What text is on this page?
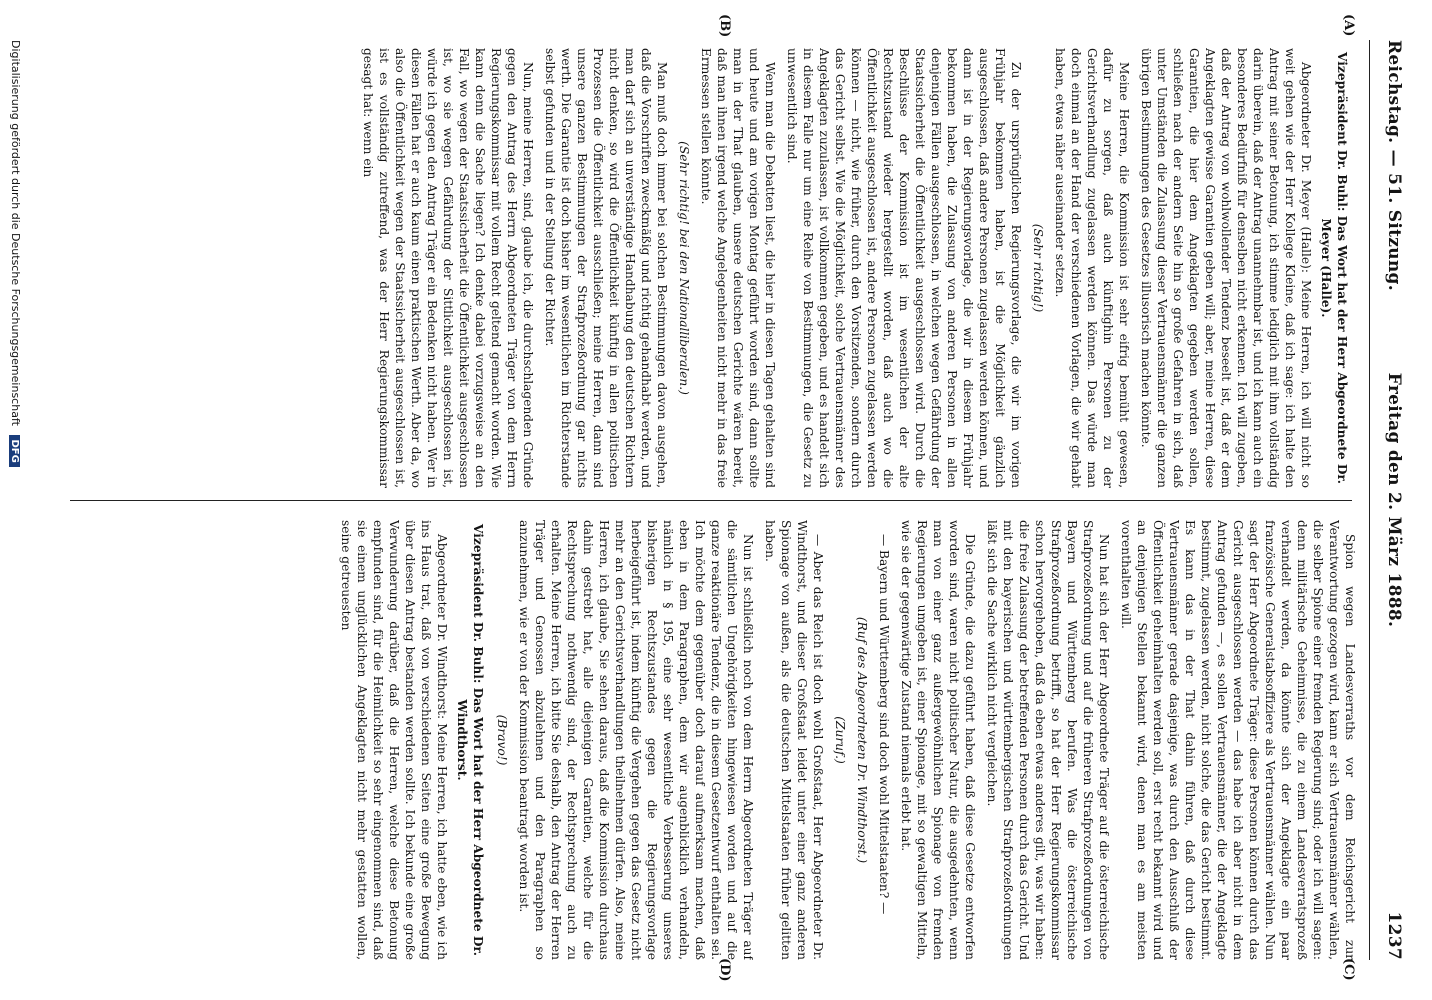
Reichstag. — 51. Sitzung.
Freitag den 2. März 1888.
1237
(A)
(B)
(C)
(D)

Vizepräsident Dr. Buhl: Das Wort hat der Herr Abgeordnete Dr. Meyer (Halle).

Abgeordneter Dr. Meyer (Halle): Meine Herren, ich will nicht so weit gehen wie der Herr Kollege Kleine, daß ich sage: ich halte den Antrag mit seiner Betonung, ich stimme lediglich mit ihm vollständig darin überein, daß der Antrag unannehmbar ist, und ich kann auch ein besonderes Bedürfniß für denselben nicht erkennen. Ich will zugeben, daß der Antrag von wohlwollender Tendenz beseelt ist, daß er dem Angeklagten gewisse Garantien geben will; aber, meine Herren, diese Garantien, die hier dem Angeklagten gegeben werden sollen, schließen nach der andern Seite hin so große Gefahren in sich, daß unter Umständen die Zulassung dieser Vertrauensmänner die ganzen übrigen Bestimmungen des Gesetzes illusorisch machen könnte.

Meine Herren, die Kommission ist sehr eifrig bemüht gewesen, dafür zu sorgen, daß auch künftighin Personen zu der Gerichtsverhandlung zugelassen werden können. Das würde man doch einmal an der Hand der verschiedenen Vorlagen, die wir gehabt haben, etwas näher auseinander setzen.

(Sehr richtig!)

Zu der ursprünglichen Regierungsvorlage, die wir im vorigen Frühjahr bekommen haben, ist die Möglichkeit gänzlich ausgeschlossen, daß andere Personen zugelassen werden können, und dann ist in der Regierungsvorlage, die wir in diesem Frühjahr bekommen haben, die Zulassung von anderen Personen in allen denjenigen Fällen ausgeschlossen, in welchen wegen Gefährdung der Staatssicherheit die Öffentlichkeit ausgeschlossen wird. Durch die Beschlüsse der Kommission ist im wesentlichen der alte Rechtszustand wieder hergestellt worden, daß auch wo die Öffentlichkeit ausgeschlossen ist, andere Personen zugelassen werden können — nicht, wie früher, durch den Vorsitzenden, sondern durch das Gericht selbst. Wie die Möglichkeit, solche Vertrauensmänner des Angeklagten zuzulassen, ist vollkommen gegeben, und es handelt sich in diesem Falle nur um eine Reihe von Bestimmungen, die Gesetz zu unwesentlich sind.

Wenn man die Debatten liest, die hier in diesen Tagen gehalten sind und heute und am vorigen Montag geführt worden sind, dann sollte man in der That glauben, unsere deutschen Gerichte wären bereit, daß man ihnen irgend welche Angelegenheiten nicht mehr in das freie Ermessen stellen könnte.

(Sehr richtig! bei den Nationalliberalen.)

Man muß doch immer bei solchen Bestimmungen davon ausgehen, daß die Vorschriften zweckmäßig und richtig gehandhabt werden, und man darf sich an unverständige Handhabung den deutschen Richtern nicht denken, so wird die Öffentlichkeit künftig in allen politischen Prozessen die Öffentlichkeit ausschließen; meine Herren, dann sind unsere ganzen Bestimmungen der Strafprozeßordnung gar nichts werth. Die Garantie ist doch bisher im wesentlichen im Richterstande selbst gefunden und in der Stellung der Richter.

Nun, meine Herren, sind, glaube ich, die durchschlagenden Gründe gegen den Antrag des Herrn Abgeordneten Träger von dem Herrn Regierungskommissar mit vollem Recht geltend gemacht worden. Wie kann denn die Sache liegen? Ich denke dabei vorzugsweise an den Fall, wo wegen der Staatssicherheit die Öffentlichkeit ausgeschlossen ist, wo sie wegen Gefährdung der Sittlichkeit ausgeschlossen ist, würde ich gegen den Antrag Träger ein Bedenken nicht haben. Wer in diesen Fällen hat er auch kaum einen praktischen Werth. Aber da, wo also die Öffentlichkeit wegen der Staatssicherheit ausgeschlossen ist, ist es vollständig zutreffend, was der Herr Regierungskommissar gesagt hat: wenn ein

Spion wegen Landesverraths vor dem Reichsgericht zur Verantwortung gezogen wird, kann er sich Vertrauensmänner wählen, die selber Spione einer fremden Regierung sind; oder ich will sagen: denn militärische Geheimnisse, die zu einem Landesverratsprozeß verhandelt werden, da könnte sich der Angeklagte ein paar französische Generalstabsoffiziere als Vertrauensmänner wählen. Nun sagt der Herr Abgeordnete Träger: diese Personen können durch das Gericht ausgeschlossen werden — das habe ich aber nicht in dem Antrag gefunden —, es sollen Vertrauensmänner, die der Angeklagte bestimmt, zugelassen werden, nicht solche, die das Gericht bestimmt. Es kann das in der That dahin führen, daß durch diese Vertrauensmänner gerade dasjenige, was durch den Ausschluß der Öffentlichkeit geheimhalten werden soll, erst recht bekannt wird und an denjenigen Stellen bekannt wird, denen man es am meisten vorenthalten will.

Nun hat sich der Herr Abgeordnete Träger auf die österreichische Strafprozeßordnung und auf die früheren Strafprozeßordnungen von Bayern und Württemberg berufen. Was die österreichische Strafprozeßordnung betrifft, so hat der Herr Regierungskommissar schon hervorgehoben, daß da eben etwas anderes gilt, was wir haben: die freie Zulassung der betreffenden Personen durch das Gericht. Und mit den bayerischen und württembergischen Strafprozeßordnungen läßt sich die Sache wirklich nicht vergleichen.

Die Gründe, die dazu geführt haben, daß diese Gesetze entworfen worden sind, waren nicht politischer Natur, die ausgedehnten, wenn man von einer ganz außergewöhnlichen Spionage von fremden Regierungen umgeben ist, einer Spionage, mit so gewaltigen Mitteln, wie sie der gegenwärtige Zustand niemals erlebt hat.

— Bayern und Württemberg sind doch wohl Mittelstaaten? —

(Ruf des Abgeordneten Dr. Windthorst.)

(Zuruf.)

— Aber das Reich ist doch wohl Großstaat, Herr Abgeordneter Dr. Windthorst, und dieser Großstaat leidet unter einer ganz anderen Spionage von außen, als die deutschen Mittelstaaten früher gelitten haben.

Nun ist schließlich noch von dem Herrn Abgeordneten Träger auf die sämtlichen Ungehörigkeiten hingewiesen worden und auf die ganze reaktionäre Tendenz, die in diesem Gesetzentwurf enthalten sei. Ich möchte dem gegenüber doch darauf aufmerksam machen, daß eben in dem Paragraphen, dem wir augenblicklich verhandeln, nämlich in § 195, eine sehr wesentliche Verbesserung unseres bisherigen Rechtszustandes gegen die Regierungsvorlage herbeigeführt ist, indem künftig die Vergehen gegen das Gesetz nicht mehr an den Gerichtsverhandlungen theilnehmen dürfen. Also, meine Herren, ich glaube, Sie sehen daraus, daß die Kommission durchaus dahin gestrebt hat, alle diejenigen Garantien, welche für die Rechtsprechung nothwendig sind, der Rechtsprechung auch zu erhalten. Meine Herren, ich bitte Sie deshalb, den Antrag der Herren Träger und Genossen abzulehnen und den Paragraphen so anzunehmen, wie er von der Kommission beantragt worden ist.

(Bravo!)

Vizepräsident Dr. Buhl: Das Wort hat der Herr Abgeordnete Dr. Windthorst.

Abgeordneter Dr. Windthorst: Meine Herren, ich hatte eben, wie ich ins Haus trat, daß von verschiedenen Seiten eine große Bewegung über diesen Antrag bestanden werden sollte. Ich bekunde eine große Verwunderung darüber, daß die Herren, welche diese Betonung empfunden sind, für die Heimlichkeit so sehr eingenommen sind, daß sie einem unglücklichen Angeklagten nicht mehr gestatten wollen, seine getreuesten

Digitalisierung gefördert durch die Deutsche Forschungsgemeinschaft DFG
